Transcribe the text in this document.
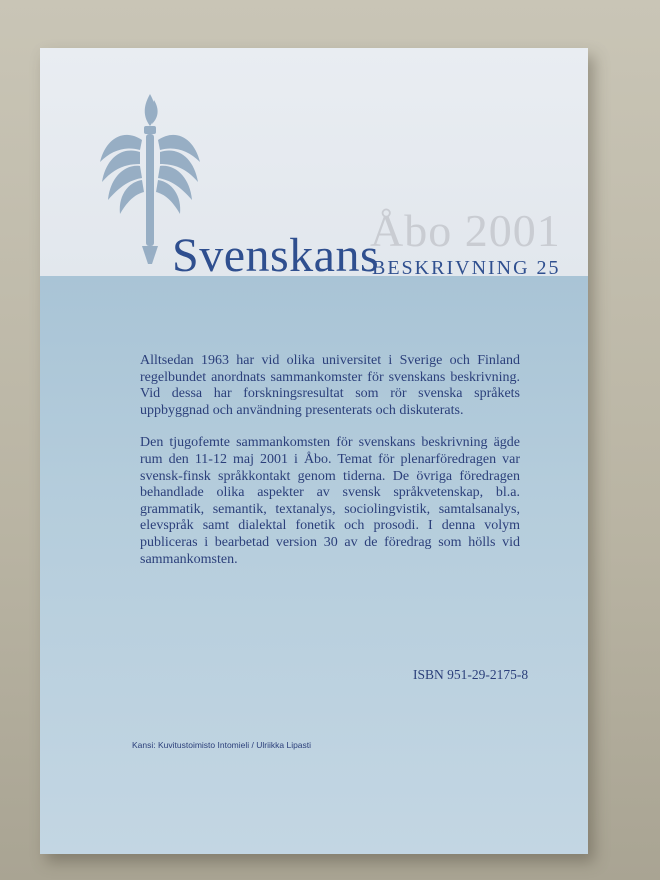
Åbo 2001
Svenskans
BESKRIVNING 25

Alltsedan 1963 har vid olika universitet i Sverige och Finland regelbundet anordnats sammankomster för svenskans beskrivning. Vid dessa har forskningsresultat som rör svenska språkets uppbyggnad och användning presenterats och diskuterats.

Den tjugofemte sammankomsten för svenskans beskrivning ägde rum den 11-12 maj 2001 i Åbo. Temat för plenarföredragen var svensk-finsk språkkontakt genom tiderna. De övriga föredragen behandlade olika aspekter av svensk språkvetenskap, bl.a. grammatik, semantik, textanalys, sociolingvistik, samtalsanalys, elevspråk samt dialektal fonetik och prosodi. I denna volym publiceras i bearbetad version 30 av de föredrag som hölls vid sammankomsten.

ISBN 951-29-2175-8
Kansi: Kuvitustoimisto Intomieli / Ulriikka Lipasti
